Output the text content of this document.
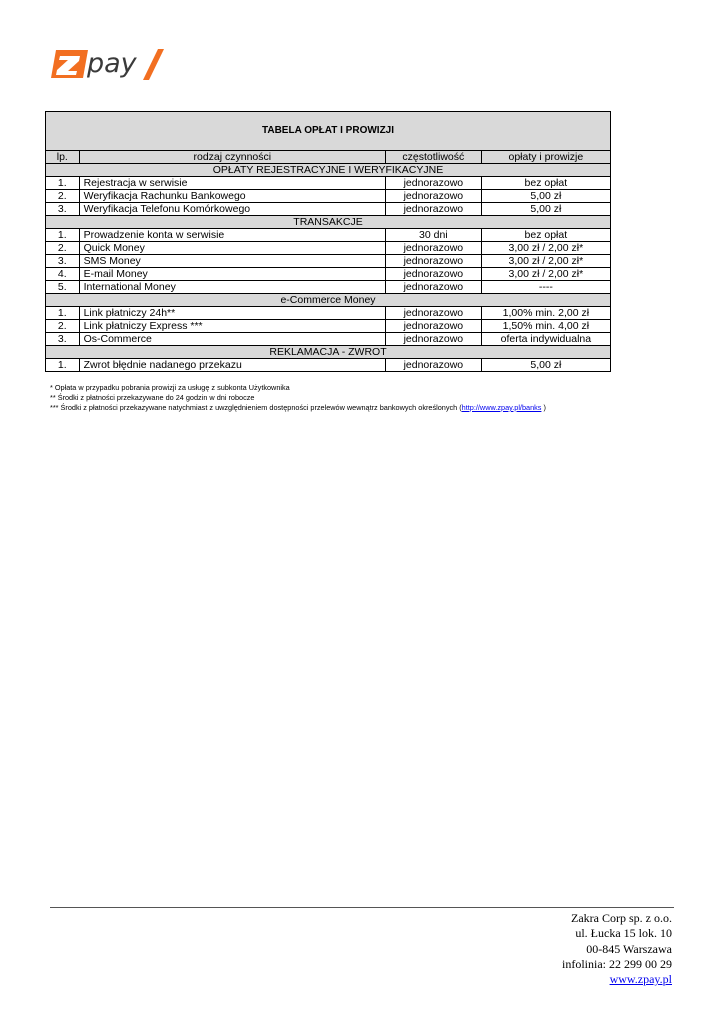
pay
TABELA OPŁAT I PROWIZJI			
lp.	rodzaj czynności	częstotliwość	opłaty i prowizje
OPŁATY REJESTRACYJNE I WERYFIKACYJNE			
1.	Rejestracja w serwisie	jednorazowo	bez opłat
2.	Weryfikacja Rachunku Bankowego	jednorazowo	5,00 zł
3.	Weryfikacja Telefonu Komórkowego	jednorazowo	5,00 zł
TRANSAKCJE			
1.	Prowadzenie konta w serwisie	30 dni	bez opłat
2.	Quick Money	jednorazowo	3,00 zł / 2,00 zł*
3.	SMS Money	jednorazowo	3,00 zł / 2,00 zł*
4.	E-mail Money	jednorazowo	3,00 zł / 2,00 zł*
5.	International Money	jednorazowo	----
e-Commerce Money			
1.	Link płatniczy 24h**	jednorazowo	1,00% min. 2,00 zł
2.	Link płatniczy Express ***	jednorazowo	1,50% min. 4,00 zł
3.	Os-Commerce	jednorazowo	oferta indywidualna
REKLAMACJA - ZWROT			
1.	Zwrot błędnie nadanego przekazu	jednorazowo	5,00 zł
* Opłata w przypadku pobrania prowizji za usługę z subkonta Użytkownika
** Środki z płatności przekazywane do 24 godzin w dni robocze
*** Środki z płatności przekazywane natychmiast z uwzględnieniem dostępności przelewów wewnątrz bankowych określonych (http://www.zpay.pl/banks )
Zakra Corp sp. z o.o.
ul. Łucka 15 lok. 10
00-845 Warszawa
infolinia: 22 299 00 29
www.zpay.pl
